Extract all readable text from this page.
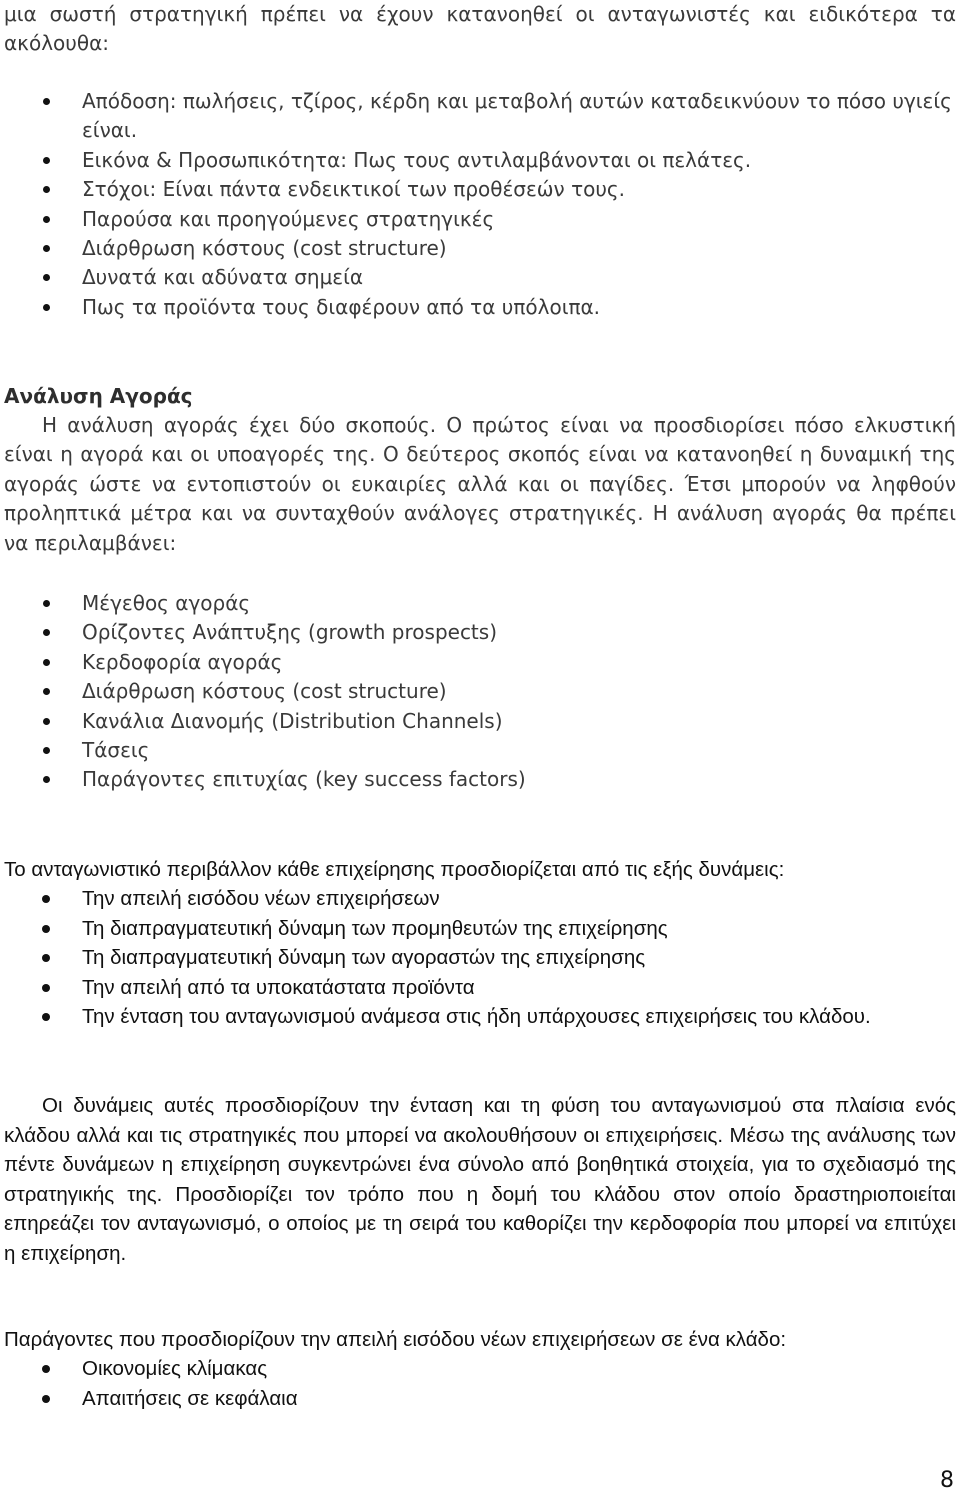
μια σωστή στρατηγική πρέπει να έχουν κατανοηθεί οι ανταγωνιστές και ειδικότερα τα ακόλουθα:

Απόδοση: πωλήσεις, τζίρος, κέρδη και μεταβολή αυτών καταδεικνύουν το πόσο υγιείς είναι.
Εικόνα & Προσωπικότητα: Πως τους αντιλαμβάνονται οι πελάτες.
Στόχοι: Είναι πάντα ενδεικτικοί των προθέσεών τους.
Παρούσα και προηγούμενες στρατηγικές
Διάρθρωση κόστους (cost structure)
Δυνατά και αδύνατα σημεία
Πως τα προϊόντα τους διαφέρουν από τα υπόλοιπα.

Ανάλυση Αγοράς

Η ανάλυση αγοράς έχει δύο σκοπούς. Ο πρώτος είναι να προσδιορίσει πόσο ελκυστική είναι η αγορά και οι υποαγορές της. Ο δεύτερος σκοπός είναι να κατανοηθεί η δυναμική της αγοράς ώστε να εντοπιστούν οι ευκαιρίες αλλά και οι παγίδες. Έτσι μπορούν να ληφθούν προληπτικά μέτρα και να συνταχθούν ανάλογες στρατηγικές. Η ανάλυση αγοράς θα πρέπει να περιλαμβάνει:

Μέγεθος αγοράς
Ορίζοντες Ανάπτυξης (growth prospects)
Κερδοφορία αγοράς
Διάρθρωση κόστους (cost structure)
Κανάλια Διανομής (Distribution Channels)
Τάσεις
Παράγοντες επιτυχίας (key success factors)

Το ανταγωνιστικό περιβάλλον κάθε επιχείρησης προσδιορίζεται από τις εξής δυνάμεις:

Την απειλή εισόδου νέων επιχειρήσεων
Τη διαπραγματευτική δύναμη των προμηθευτών της επιχείρησης
Τη διαπραγματευτική δύναμη των αγοραστών της επιχείρησης
Την απειλή από τα υποκατάστατα προϊόντα
Την ένταση του ανταγωνισμού ανάμεσα στις ήδη υπάρχουσες επιχειρήσεις του κλάδου.

Οι δυνάμεις αυτές προσδιορίζουν την ένταση και τη φύση του ανταγωνισμού στα πλαίσια ενός κλάδου αλλά και τις στρατηγικές που μπορεί να ακολουθήσουν οι επιχειρήσεις. Μέσω της ανάλυσης των πέντε δυνάμεων η επιχείρηση συγκεντρώνει ένα σύνολο από βοηθητικά στοιχεία, για το σχεδιασμό της στρατηγικής της. Προσδιορίζει τον τρόπο που η δομή του κλάδου στον οποίο δραστηριοποιείται επηρεάζει τον ανταγωνισμό, ο οποίος με τη σειρά του καθορίζει την κερδοφορία που μπορεί να επιτύχει η επιχείρηση.

Παράγοντες που προσδιορίζουν την απειλή εισόδου νέων επιχειρήσεων σε ένα κλάδο:

Οικονομίες κλίμακας
Απαιτήσεις σε κεφάλαια
8
